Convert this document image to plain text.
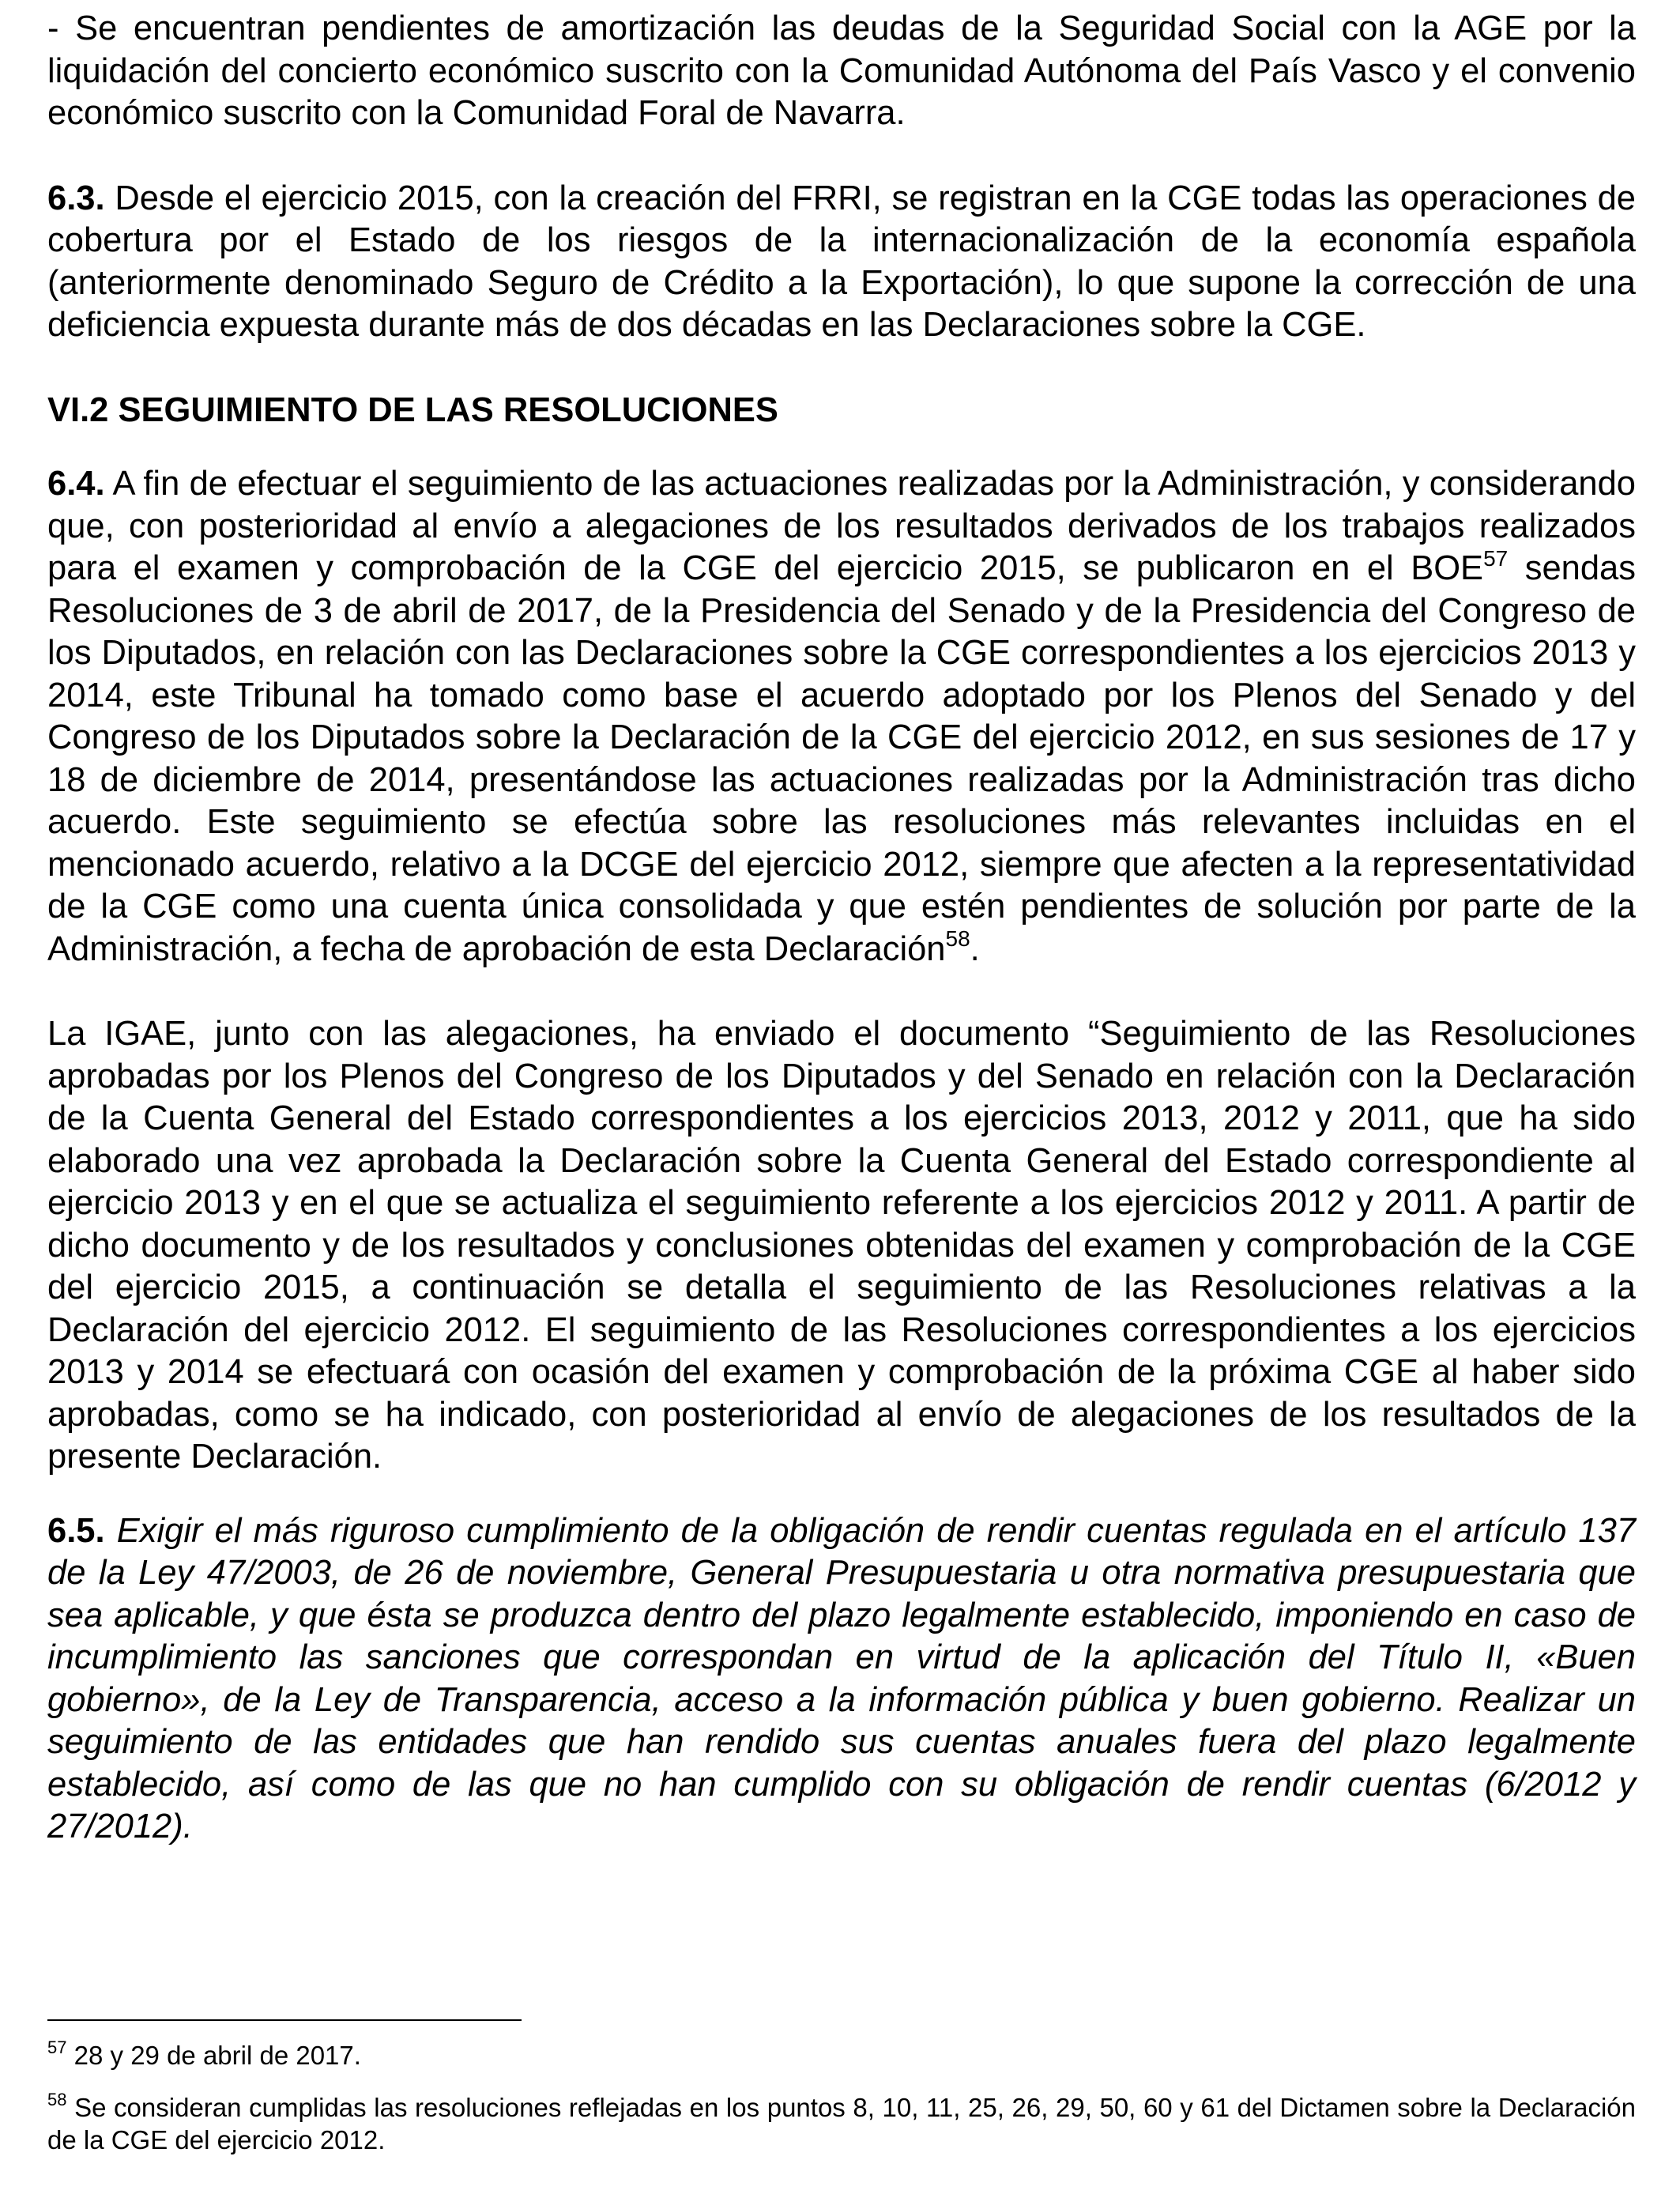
- Se encuentran pendientes de amortización las deudas de la Seguridad Social con la AGE por la liquidación del concierto económico suscrito con la Comunidad Autónoma del País Vasco y el convenio económico suscrito con la Comunidad Foral de Navarra.

6.3. Desde el ejercicio 2015, con la creación del FRRI, se registran en la CGE todas las operaciones de cobertura por el Estado de los riesgos de la internacionalización de la economía española (anteriormente denominado Seguro de Crédito a la Exportación), lo que supone la corrección de una deficiencia expuesta durante más de dos décadas en las Declaraciones sobre la CGE.

VI.2 SEGUIMIENTO DE LAS RESOLUCIONES

6.4. A fin de efectuar el seguimiento de las actuaciones realizadas por la Administración, y considerando que, con posterioridad al envío a alegaciones de los resultados derivados de los trabajos realizados para el examen y comprobación de la CGE del ejercicio 2015, se publicaron en el BOE$^{57}$ sendas Resoluciones de 3 de abril de 2017, de la Presidencia del Senado y de la Presidencia del Congreso de los Diputados, en relación con las Declaraciones sobre la CGE correspondientes a los ejercicios 2013 y 2014, este Tribunal ha tomado como base el acuerdo adoptado por los Plenos del Senado y del Congreso de los Diputados sobre la Declaración de la CGE del ejercicio 2012, en sus sesiones de 17 y 18 de diciembre de 2014, presentándose las actuaciones realizadas por la Administración tras dicho acuerdo. Este seguimiento se efectúa sobre las resoluciones más relevantes incluidas en el mencionado acuerdo, relativo a la DCGE del ejercicio 2012, siempre que afecten a la representatividad de la CGE como una cuenta única consolidada y que estén pendientes de solución por parte de la Administración, a fecha de aprobación de esta Declaración$^{58}$.

La IGAE, junto con las alegaciones, ha enviado el documento “Seguimiento de las Resoluciones aprobadas por los Plenos del Congreso de los Diputados y del Senado en relación con la Declaración de la Cuenta General del Estado correspondientes a los ejercicios 2013, 2012 y 2011, que ha sido elaborado una vez aprobada la Declaración sobre la Cuenta General del Estado correspondiente al ejercicio 2013 y en el que se actualiza el seguimiento referente a los ejercicios 2012 y 2011. A partir de dicho documento y de los resultados y conclusiones obtenidas del examen y comprobación de la CGE del ejercicio 2015, a continuación se detalla el seguimiento de las Resoluciones relativas a la Declaración del ejercicio 2012. El seguimiento de las Resoluciones correspondientes a los ejercicios 2013 y 2014 se efectuará con ocasión del examen y comprobación de la próxima CGE al haber sido aprobadas, como se ha indicado, con posterioridad al envío de alegaciones de los resultados de la presente Declaración.

6.5. Exigir el más riguroso cumplimiento de la obligación de rendir cuentas regulada en el artículo 137 de la Ley 47/2003, de 26 de noviembre, General Presupuestaria u otra normativa presupuestaria que sea aplicable, y que ésta se produzca dentro del plazo legalmente establecido, imponiendo en caso de incumplimiento las sanciones que correspondan en virtud de la aplicación del Título II, «Buen gobierno», de la Ley de Transparencia, acceso a la información pública y buen gobierno. Realizar un seguimiento de las entidades que han rendido sus cuentas anuales fuera del plazo legalmente establecido, así como de las que no han cumplido con su obligación de rendir cuentas (6/2012 y 27/2012).

$^{57}$ 28 y 29 de abril de 2017.

$^{58}$ Se consideran cumplidas las resoluciones reflejadas en los puntos 8, 10, 11, 25, 26, 29, 50, 60 y 61 del Dictamen sobre la Declaración de la CGE del ejercicio 2012.
